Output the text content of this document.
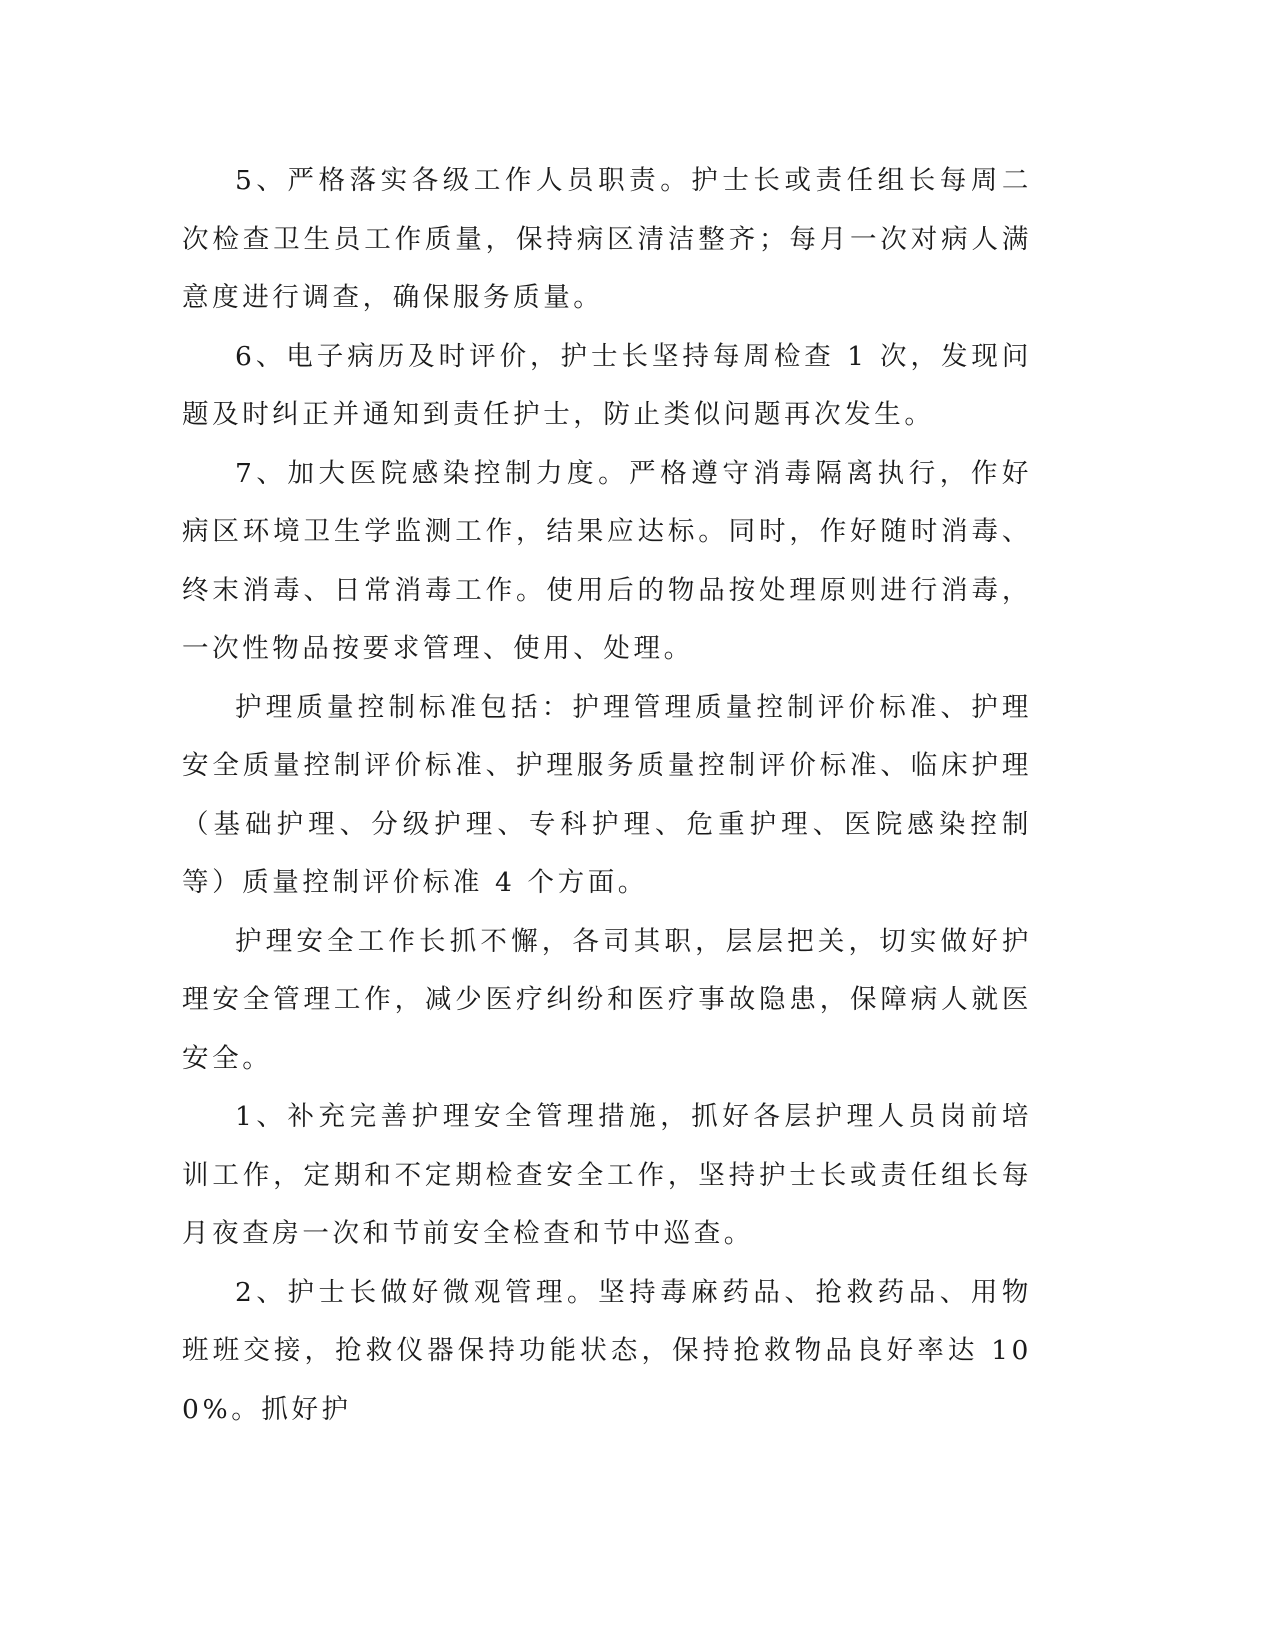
5、严格落实各级工作人员职责。护士长或责任组长每周二次检查卫生员工作质量，保持病区清洁整齐；每月一次对病人满意度进行调查，确保服务质量。

6、电子病历及时评价，护士长坚持每周检查 1 次，发现问题及时纠正并通知到责任护士，防止类似问题再次发生。

7、加大医院感染控制力度。严格遵守消毒隔离执行，作好病区环境卫生学监测工作，结果应达标。同时，作好随时消毒、终末消毒、日常消毒工作。使用后的物品按处理原则进行消毒，一次性物品按要求管理、使用、处理。

护理质量控制标准包括：护理管理质量控制评价标准、护理安全质量控制评价标准、护理服务质量控制评价标准、临床护理（基础护理、分级护理、专科护理、危重护理、医院感染控制等）质量控制评价标准 4 个方面。

护理安全工作长抓不懈，各司其职，层层把关，切实做好护理安全管理工作，减少医疗纠纷和医疗事故隐患，保障病人就医安全。

1、补充完善护理安全管理措施，抓好各层护理人员岗前培训工作，定期和不定期检查安全工作，坚持护士长或责任组长每月夜查房一次和节前安全检查和节中巡查。

2、护士长做好微观管理。坚持毒麻药品、抢救药品、用物班班交接，抢救仪器保持功能状态，保持抢救物品良好率达 100%。抓好护
